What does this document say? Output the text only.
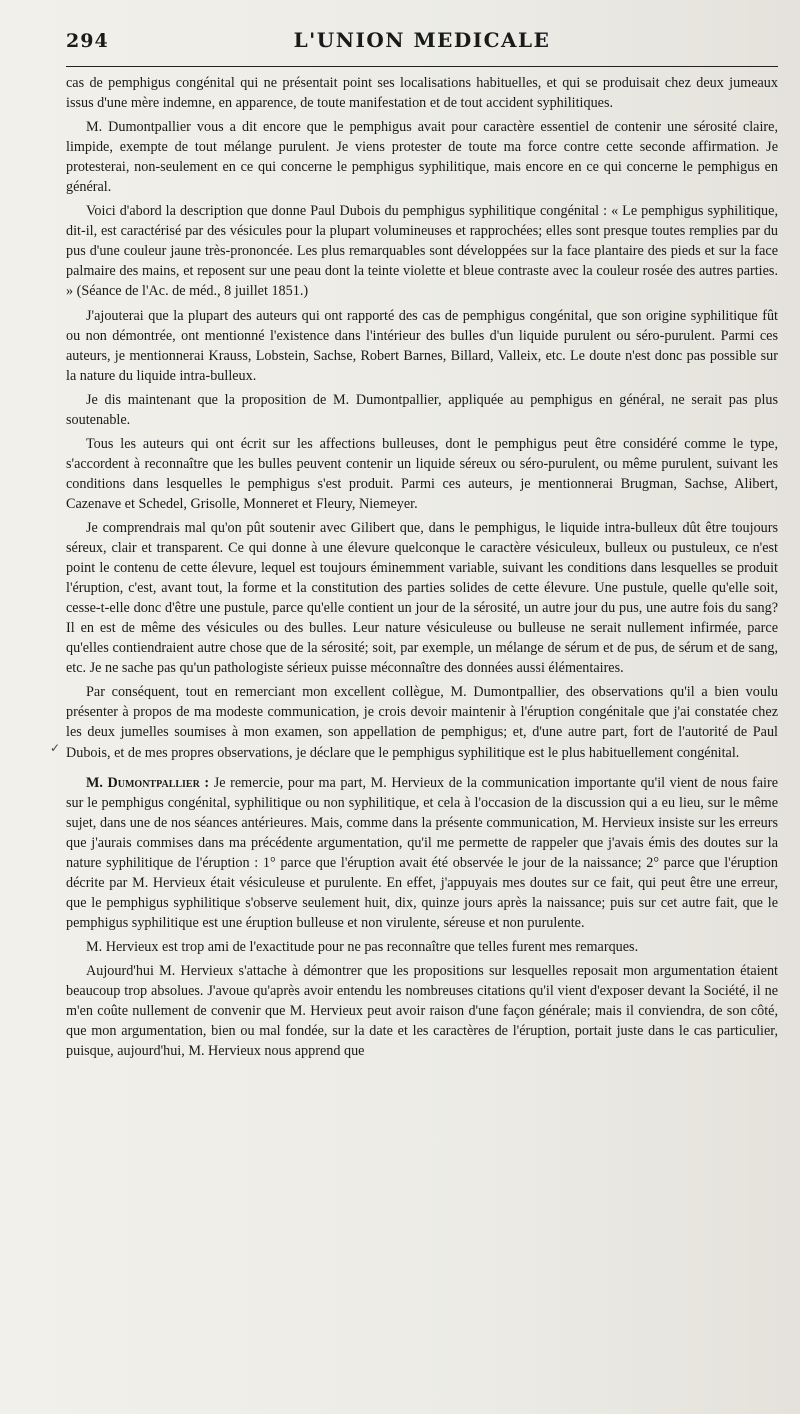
294	L'UNION MEDICALE

cas de pemphigus congénital qui ne présentait point ses localisations habituelles, et qui se produisait chez deux jumeaux issus d'une mère indemne, en apparence, de toute manifestation et de tout accident syphilitiques.

M. Dumontpallier vous a dit encore que le pemphigus avait pour caractère essentiel de contenir une sérosité claire, limpide, exempte de tout mélange purulent. Je viens protester de toute ma force contre cette seconde affirmation. Je protesterai, non-seulement en ce qui concerne le pemphigus syphilitique, mais encore en ce qui concerne le pemphigus en général.

Voici d'abord la description que donne Paul Dubois du pemphigus syphilitique congénital : « Le pemphigus syphilitique, dit-il, est caractérisé par des vésicules pour la plupart volumineuses et rapprochées; elles sont presque toutes remplies par du pus d'une couleur jaune très-prononcée. Les plus remarquables sont développées sur la face plantaire des pieds et sur la face palmaire des mains, et reposent sur une peau dont la teinte violette et bleue contraste avec la couleur rosée des autres parties. » (Séance de l'Ac. de méd., 8 juillet 1851.)

J'ajouterai que la plupart des auteurs qui ont rapporté des cas de pemphigus congénital, que son origine syphilitique fût ou non démontrée, ont mentionné l'existence dans l'intérieur des bulles d'un liquide purulent ou séro-purulent. Parmi ces auteurs, je mentionnerai Krauss, Lobstein, Sachse, Robert Barnes, Billard, Valleix, etc. Le doute n'est donc pas possible sur la nature du liquide intra-bulleux.

Je dis maintenant que la proposition de M. Dumontpallier, appliquée au pemphigus en général, ne serait pas plus soutenable.

Tous les auteurs qui ont écrit sur les affections bulleuses, dont le pemphigus peut être considéré comme le type, s'accordent à reconnaître que les bulles peuvent contenir un liquide séreux ou séro-purulent, ou même purulent, suivant les conditions dans lesquelles le pemphigus s'est produit. Parmi ces auteurs, je mentionnerai Brugman, Sachse, Alibert, Cazenave et Schedel, Grisolle, Monneret et Fleury, Niemeyer.

Je comprendrais mal qu'on pût soutenir avec Gilibert que, dans le pemphigus, le liquide intra-bulleux dût être toujours séreux, clair et transparent. Ce qui donne à une élevure quelconque le caractère vésiculeux, bulleux ou pustuleux, ce n'est point le contenu de cette élevure, lequel est toujours éminemment variable, suivant les conditions dans lesquelles se produit l'éruption, c'est, avant tout, la forme et la constitution des parties solides de cette élevure. Une pustule, quelle qu'elle soit, cesse-t-elle donc d'être une pustule, parce qu'elle contient un jour de la sérosité, un autre jour du pus, une autre fois du sang? Il en est de même des vésicules ou des bulles. Leur nature vésiculeuse ou bulleuse ne serait nullement infirmée, parce qu'elles contiendraient autre chose que de la sérosité; soit, par exemple, un mélange de sérum et de pus, de sérum et de sang, etc. Je ne sache pas qu'un pathologiste sérieux puisse méconnaître des données aussi élémentaires.

Par conséquent, tout en remerciant mon excellent collègue, M. Dumontpallier, des observations qu'il a bien voulu présenter à propos de ma modeste communication, je crois devoir maintenir à l'éruption congénitale que j'ai constatée chez les deux jumelles soumises à mon examen, son appellation de pemphigus; et, d'une autre part, fort de l'autorité de Paul Dubois, et de mes propres observations, je déclare que le pemphigus syphilitique est le plus habituellement congénital.

M. Dumontpallier : Je remercie, pour ma part, M. Hervieux de la communication importante qu'il vient de nous faire sur le pemphigus congénital, syphilitique ou non syphilitique, et cela à l'occasion de la discussion qui a eu lieu, sur le même sujet, dans une de nos séances antérieures. Mais, comme dans la présente communication, M. Hervieux insiste sur les erreurs que j'aurais commises dans ma précédente argumentation, qu'il me permette de rappeler que j'avais émis des doutes sur la nature syphilitique de l'éruption : 1° parce que l'éruption avait été observée le jour de la naissance; 2° parce que l'éruption décrite par M. Hervieux était vésiculeuse et purulente. En effet, j'appuyais mes doutes sur ce fait, qui peut être une erreur, que le pemphigus syphilitique s'observe seulement huit, dix, quinze jours après la naissance; puis sur cet autre fait, que le pemphigus syphilitique est une éruption bulleuse et non virulente, séreuse et non purulente.

M. Hervieux est trop ami de l'exactitude pour ne pas reconnaître que telles furent mes remarques.

Aujourd'hui M. Hervieux s'attache à démontrer que les propositions sur lesquelles reposait mon argumentation étaient beaucoup trop absolues. J'avoue qu'après avoir entendu les nombreuses citations qu'il vient d'exposer devant la Société, il ne m'en coûte nullement de convenir que M. Hervieux peut avoir raison d'une façon générale; mais il conviendra, de son côté, que mon argumentation, bien ou mal fondée, sur la date et les caractères de l'éruption, portait juste dans le cas particulier, puisque, aujourd'hui, M. Hervieux nous apprend que

✓
